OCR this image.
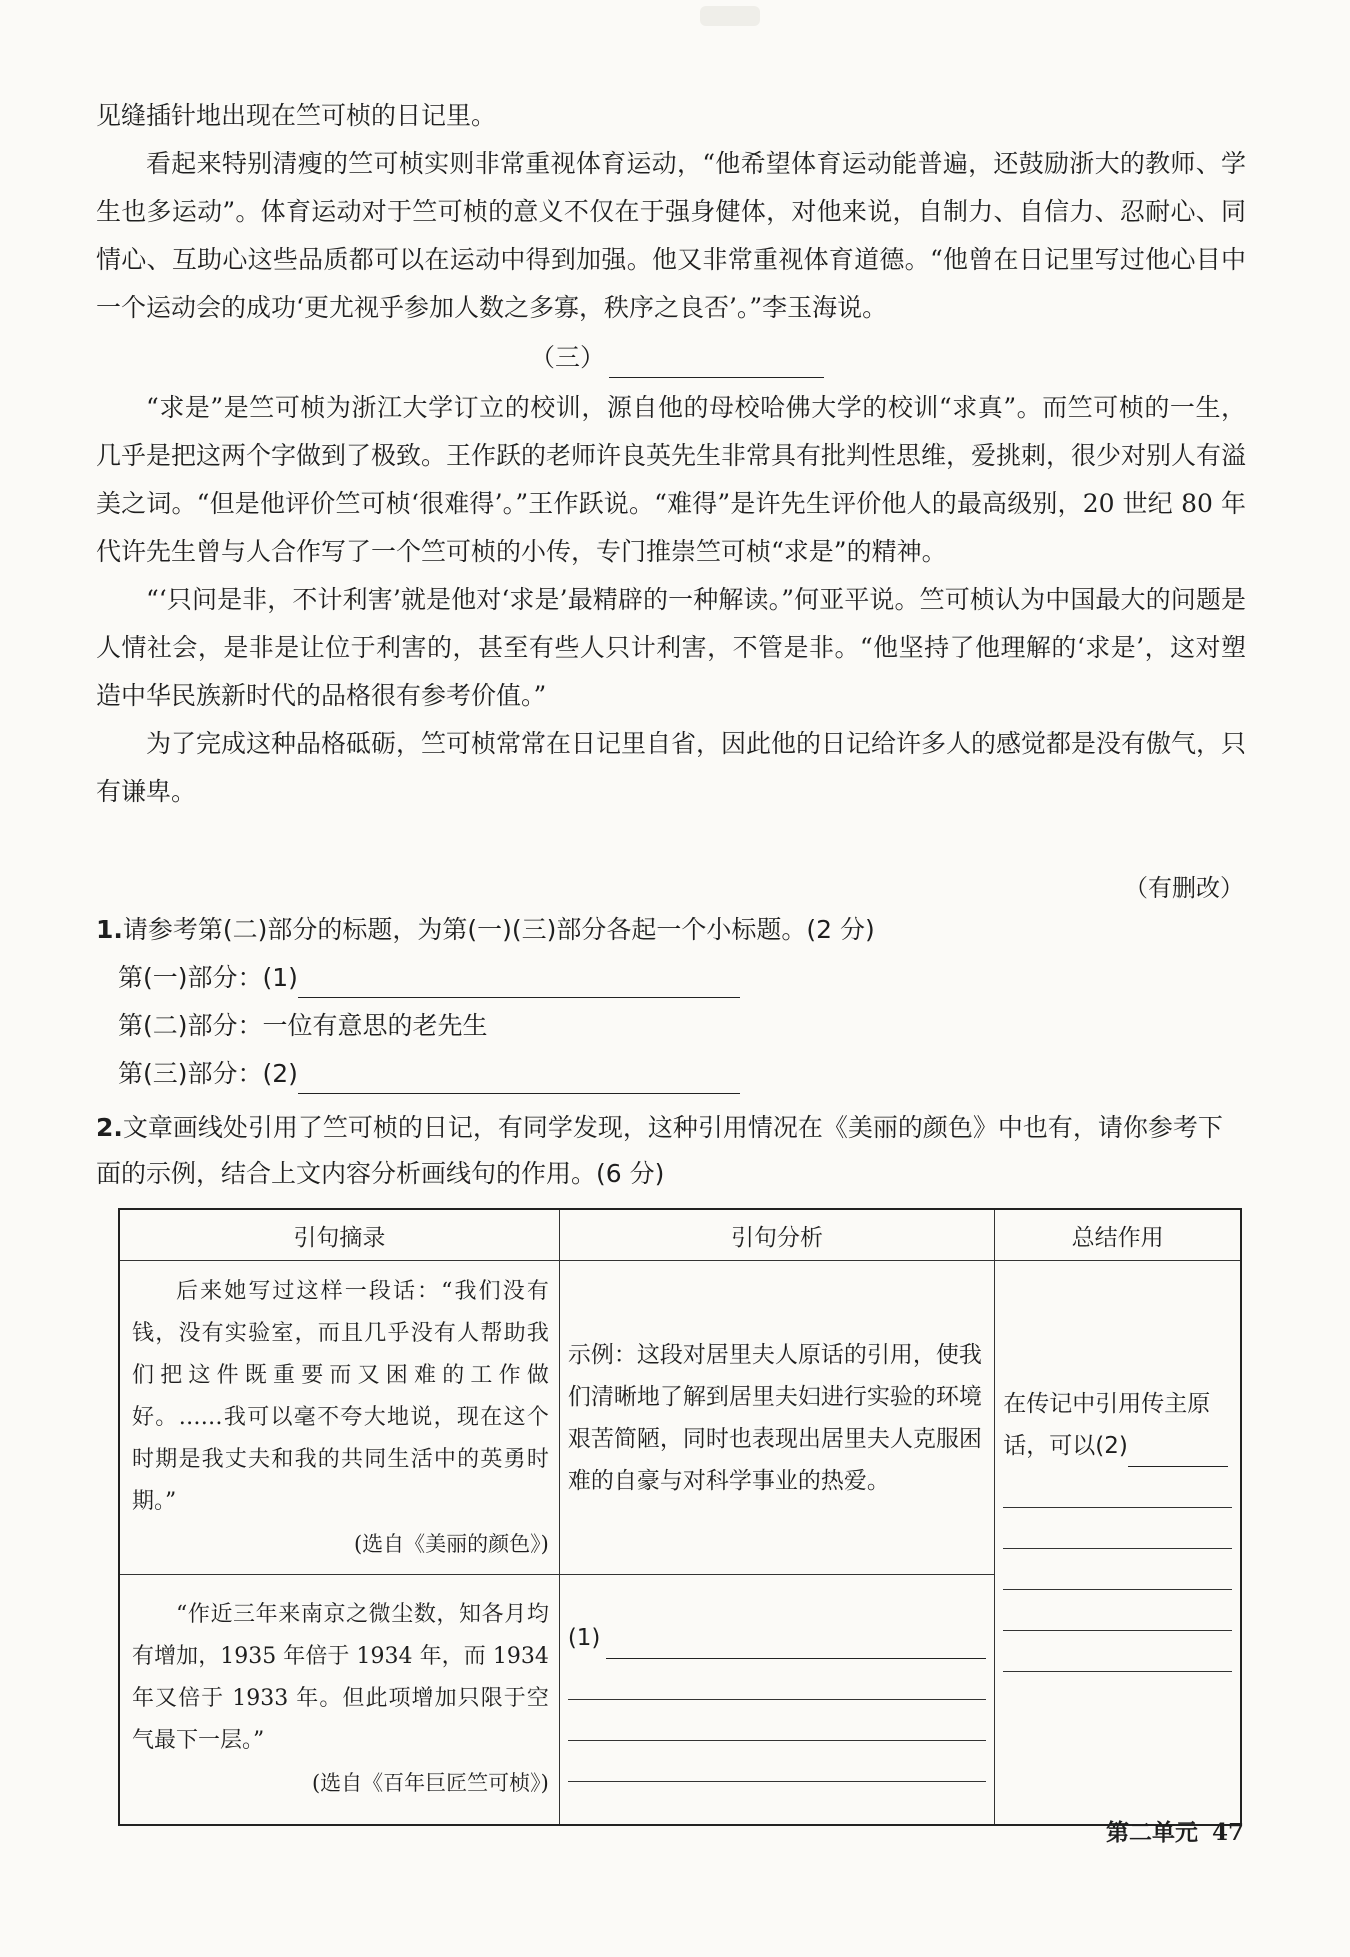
见缝插针地出现在竺可桢的日记里。

看起来特别清瘦的竺可桢实则非常重视体育运动，“他希望体育运动能普遍，还鼓励浙大的教师、学生也多运动”。体育运动对于竺可桢的意义不仅在于强身健体，对他来说，自制力、自信力、忍耐心、同情心、互助心这些品质都可以在运动中得到加强。他又非常重视体育道德。“他曾在日记里写过他心目中一个运动会的成功‘更尤视乎参加人数之多寡，秩序之良否’。”李玉海说。

（三）

“求是”是竺可桢为浙江大学订立的校训，源自他的母校哈佛大学的校训“求真”。而竺可桢的一生，几乎是把这两个字做到了极致。王作跃的老师许良英先生非常具有批判性思维，爱挑刺，很少对别人有溢美之词。“但是他评价竺可桢‘很难得’。”王作跃说。“难得”是许先生评价他人的最高级别，20 世纪 80 年代许先生曾与人合作写了一个竺可桢的小传，专门推崇竺可桢“求是”的精神。

“‘只问是非，不计利害’就是他对‘求是’最精辟的一种解读。”何亚平说。竺可桢认为中国最大的问题是人情社会，是非是让位于利害的，甚至有些人只计利害，不管是非。“他坚持了他理解的‘求是’，这对塑造中华民族新时代的品格很有参考价值。”

为了完成这种品格砥砺，竺可桢常常在日记里自省，因此他的日记给许多人的感觉都是没有傲气，只有谦卑。

（有删改）
1.请参考第(二)部分的标题，为第(一)(三)部分各起一个小标题。(2 分)
第(一)部分：(1)
第(二)部分：一位有意思的老先生
第(三)部分：(2)
2.文章画线处引用了竺可桢的日记，有同学发现，这种引用情况在《美丽的颜色》中也有，请你参考下面的示例，结合上文内容分析画线句的作用。(6 分)
引句摘录	引句分析	总结作用

后来她写过这样一段话：“我们没有钱，没有实验室，而且几乎没有人帮助我们把这件既重要而又困难的工作做好。……我可以毫不夸大地说，现在这个时期是我丈夫和我的共同生活中的英勇时期。”

(选自《美丽的颜色》)	示例：这段对居里夫人原话的引用，使我们清晰地了解到居里夫妇进行实验的环境艰苦简陋，同时也表现出居里夫人克服困难的自豪与对科学事业的热爱。	在传记中引用传主原话，可以(2)

“作近三年来南京之微尘数，知各月均有增加，1935 年倍于 1934 年，而 1934 年又倍于 1933 年。但此项增加只限于空气最下一层。”

(选自《百年巨匠竺可桢》)	(1)	
第二单元 47
